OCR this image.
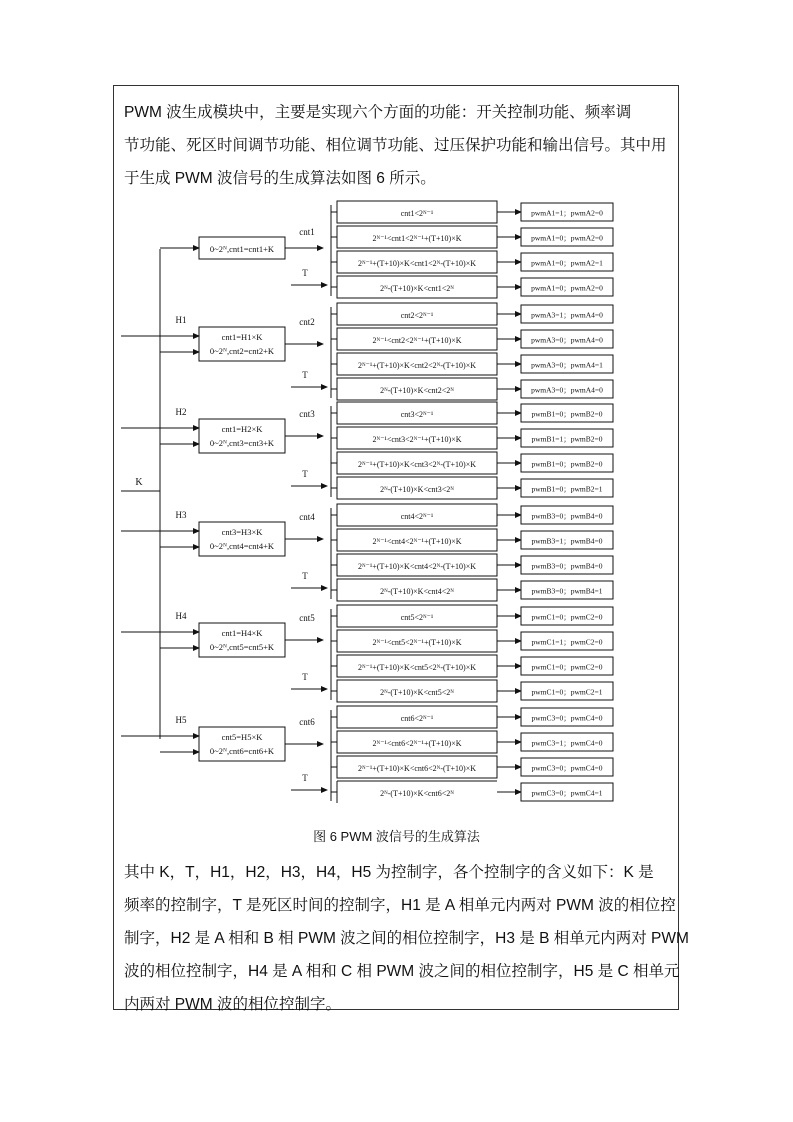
PWM 波生成模块中，主要是实现六个方面的功能：开关控制功能、频率调
节功能、死区时间调节功能、相位调节功能、过压保护功能和输出信号。其中用
于生成 PWM 波信号的生成算法如图 6 所示。
K
0~2ᴺ,cnt1=cnt1+K
cnt1
T
cnt1<2ᴺ⁻¹	pwmA1=1；pwmA2=0
2ᴺ⁻¹<cnt1<2ᴺ⁻¹+(T+10)×K	pwmA1=0；pwmA2=0
2ᴺ⁻¹+(T+10)×K<cnt1<2ᴺ-(T+10)×K	pwmA1=0；pwmA2=1
2ᴺ-(T+10)×K<cnt1<2ᴺ	pwmA1=0；pwmA2=0
cnt1=H1×K
0~2ᴺ,cnt2=cnt2+K
H1	cnt2
T
cnt2<2ᴺ⁻¹	pwmA3=1；pwmA4=0
2ᴺ⁻¹<cnt2<2ᴺ⁻¹+(T+10)×K	pwmA3=0；pwmA4=0
2ᴺ⁻¹+(T+10)×K<cnt2<2ᴺ-(T+10)×K	pwmA3=0；pwmA4=1
2ᴺ-(T+10)×K<cnt2<2ᴺ	pwmA3=0；pwmA4=0
cnt1=H2×K
0~2ᴺ,cnt3=cnt3+K
H2	cnt3
T
cnt3<2ᴺ⁻¹	pwmB1=0；pwmB2=0
2ᴺ⁻¹<cnt3<2ᴺ⁻¹+(T+10)×K	pwmB1=1；pwmB2=0
2ᴺ⁻¹+(T+10)×K<cnt3<2ᴺ-(T+10)×K	pwmB1=0；pwmB2=0
2ᴺ-(T+10)×K<cnt3<2ᴺ	pwmB1=0；pwmB2=1
cnt3=H3×K
0~2ᴺ,cnt4=cnt4+K
H3	cnt4
T
cnt4<2ᴺ⁻¹	pwmB3=0；pwmB4=0
2ᴺ⁻¹<cnt4<2ᴺ⁻¹+(T+10)×K	pwmB3=1；pwmB4=0
2ᴺ⁻¹+(T+10)×K<cnt4<2ᴺ-(T+10)×K	pwmB3=0；pwmB4=0
2ᴺ-(T+10)×K<cnt4<2ᴺ	pwmB3=0；pwmB4=1
cnt1=H4×K
0~2ᴺ,cnt5=cnt5+K
H4	cnt5
T
cnt5<2ᴺ⁻¹	pwmC1=0；pwmC2=0
2ᴺ⁻¹<cnt5<2ᴺ⁻¹+(T+10)×K	pwmC1=1；pwmC2=0
2ᴺ⁻¹+(T+10)×K<cnt5<2ᴺ-(T+10)×K	pwmC1=0；pwmC2=0
2ᴺ-(T+10)×K<cnt5<2ᴺ	pwmC1=0；pwmC2=1
cnt5=H5×K
0~2ᴺ,cnt6=cnt6+K
H5	cnt6
T
cnt6<2ᴺ⁻¹	pwmC3=0；pwmC4=0
2ᴺ⁻¹<cnt6<2ᴺ⁻¹+(T+10)×K	pwmC3=1；pwmC4=0
2ᴺ⁻¹+(T+10)×K<cnt6<2ᴺ-(T+10)×K	pwmC3=0；pwmC4=0
2ᴺ-(T+10)×K<cnt6<2ᴺ	pwmC3=0；pwmC4=1
图 6 PWM 波信号的生成算法
其中 K，T，H1，H2，H3，H4，H5 为控制字，各个控制字的含义如下：K 是
频率的控制字，T 是死区时间的控制字，H1 是 A 相单元内两对 PWM 波的相位控
制字，H2 是 A 相和 B 相 PWM 波之间的相位控制字，H3 是 B 相单元内两对 PWM
波的相位控制字，H4 是 A 相和 C 相 PWM 波之间的相位控制字，H5 是 C 相单元
内两对 PWM 波的相位控制字。
